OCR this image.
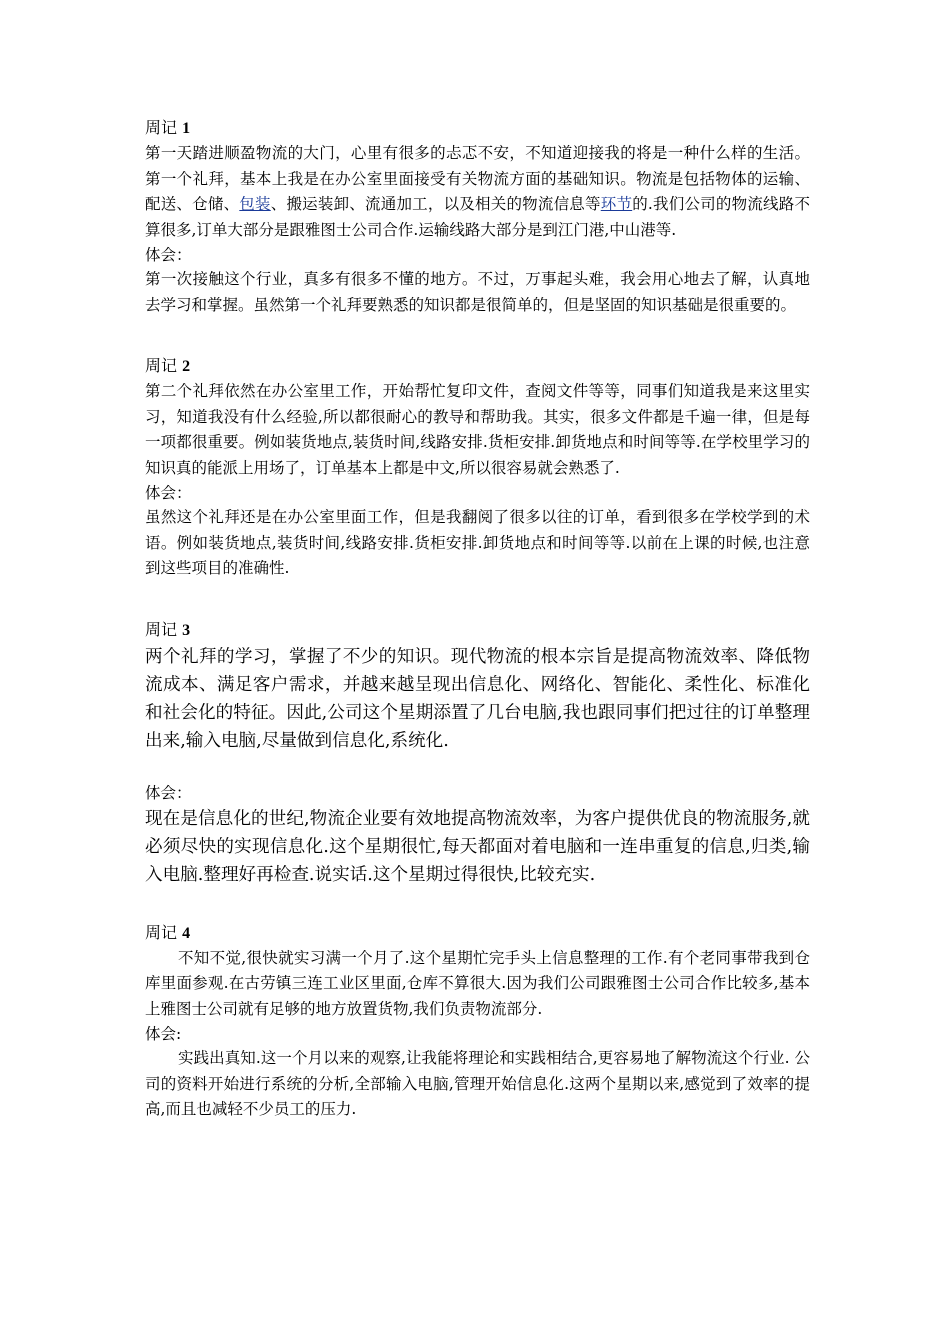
周记 1

第一天踏进顺盈物流的大门，心里有很多的忐忑不安，不知道迎接我的将是一种什么样的生活。第一个礼拜，基本上我是在办公室里面接受有关物流方面的基础知识。物流是包括物体的运输、配送、仓储、包装、搬运装卸、流通加工，以及相关的物流信息等环节的.我们公司的物流线路不算很多,订单大部分是跟雅图士公司合作.运输线路大部分是到江门港,中山港等.

体会：

第一次接触这个行业，真多有很多不懂的地方。不过，万事起头难，我会用心地去了解，认真地去学习和掌握。虽然第一个礼拜要熟悉的知识都是很简单的，但是坚固的知识基础是很重要的。

周记 2

第二个礼拜依然在办公室里工作，开始帮忙复印文件，查阅文件等等，同事们知道我是来这里实习，知道我没有什么经验,所以都很耐心的教导和帮助我。其实，很多文件都是千遍一律，但是每一项都很重要。例如装货地点,装货时间,线路安排.货柜安排.卸货地点和时间等等.在学校里学习的知识真的能派上用场了，订单基本上都是中文,所以很容易就会熟悉了.

体会：

虽然这个礼拜还是在办公室里面工作，但是我翻阅了很多以往的订单，看到很多在学校学到的术语。例如装货地点,装货时间,线路安排.货柜安排.卸货地点和时间等等.以前在上课的时候,也注意到这些项目的准确性.

周记 3

两个礼拜的学习，掌握了不少的知识。现代物流的根本宗旨是提高物流效率、降低物流成本、满足客户需求，并越来越呈现出信息化、网络化、智能化、柔性化、标准化和社会化的特征。因此,公司这个星期添置了几台电脑,我也跟同事们把过往的订单整理出来,输入电脑,尽量做到信息化,系统化.

体会：

现在是信息化的世纪,物流企业要有效地提高物流效率，为客户提供优良的物流服务,就必须尽快的实现信息化.这个星期很忙,每天都面对着电脑和一连串重复的信息,归类,输入电脑.整理好再检查.说实话.这个星期过得很快,比较充实.

周记 4

不知不觉,很快就实习满一个月了.这个星期忙完手头上信息整理的工作.有个老同事带我到仓库里面参观.在古劳镇三连工业区里面,仓库不算很大.因为我们公司跟雅图士公司合作比较多,基本上雅图士公司就有足够的地方放置货物,我们负责物流部分.

体会:

实践出真知.这一个月以来的观察,让我能将理论和实践相结合,更容易地了解物流这个行业. 公司的资料开始进行系统的分析,全部输入电脑,管理开始信息化.这两个星期以来,感觉到了效率的提高,而且也减轻不少员工的压力.
